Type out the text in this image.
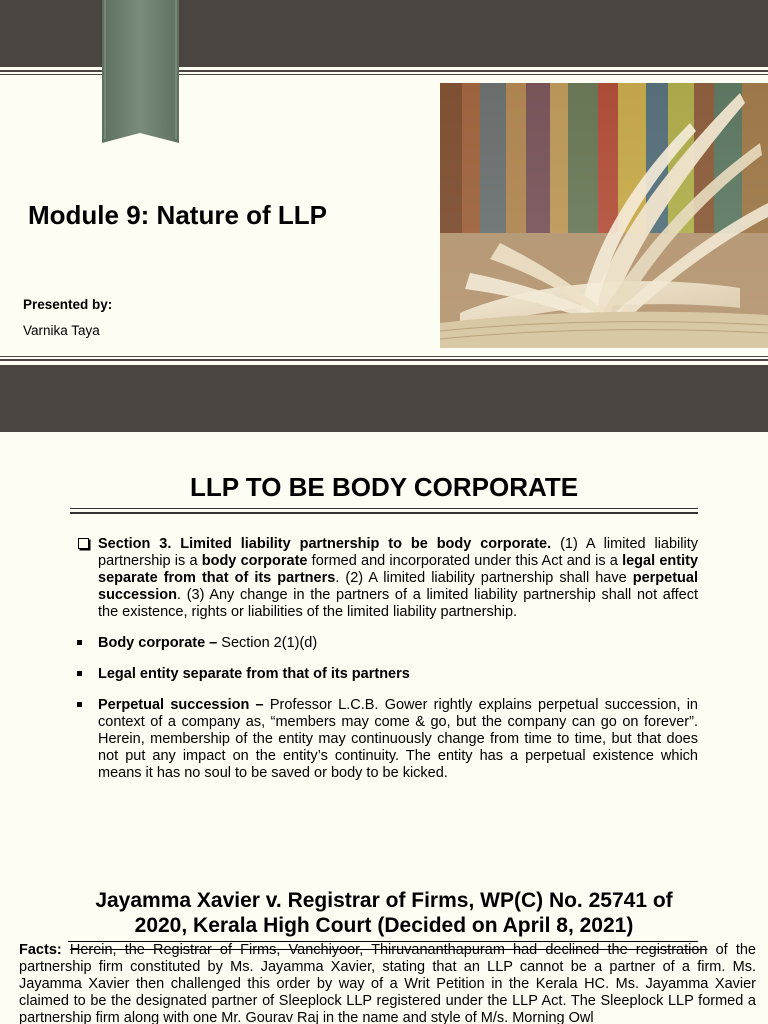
Module 9: Nature of LLP
Presented by:
Varnika Taya
LLP TO BE BODY CORPORATE
Section 3. Limited liability partnership to be body corporate. (1) A limited liability partnership is a body corporate formed and incorporated under this Act and is a legal entity separate from that of its partners. (2) A limited liability partnership shall have perpetual succession. (3) Any change in the partners of a limited liability partnership shall not affect the existence, rights or liabilities of the limited liability partnership.
Body corporate – Section 2(1)(d)
Legal entity separate from that of its partners
Perpetual succession – Professor L.C.B. Gower rightly explains perpetual succession, in context of a company as, “members may come & go, but the company can go on forever”. Herein, membership of the entity may continuously change from time to time, but that does not put any impact on the entity’s continuity. The entity has a perpetual existence which means it has no soul to be saved or body to be kicked.
Jayamma Xavier v. Registrar of Firms, WP(C) No. 25741 of
2020, Kerala High Court (Decided on April 8, 2021)
Facts: Herein, the Registrar of Firms, Vanchiyoor, Thiruvananthapuram had declined the registration of the partnership firm constituted by Ms. Jayamma Xavier, stating that an LLP cannot be a partner of a firm. Ms. Jayamma Xavier then challenged this order by way of a Writ Petition in the Kerala HC. Ms. Jayamma Xavier claimed to be the designated partner of Sleeplock LLP registered under the LLP Act. The Sleeplock LLP formed a partnership firm along with one Mr. Gourav Raj in the name and style of M/s. Morning Owl
